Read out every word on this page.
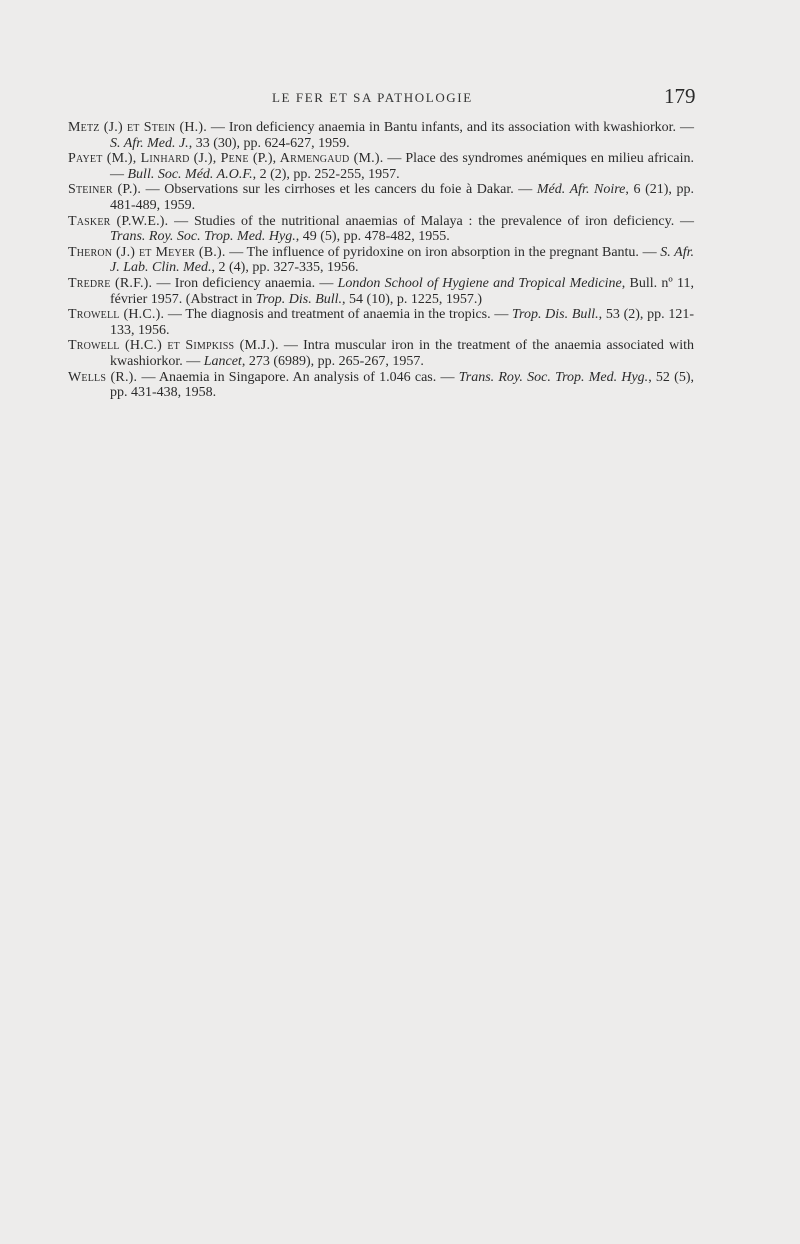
LE FER ET SA PATHOLOGIE	179

Metz (J.) et Stein (H.). — Iron deficiency anaemia in Bantu infants, and its association with kwashiorkor. — S. Afr. Med. J., 33 (30), pp. 624-627, 1959.

Payet (M.), Linhard (J.), Pene (P.), Armengaud (M.). — Place des syndromes anémiques en milieu africain. — Bull. Soc. Méd. A.O.F., 2 (2), pp. 252-255, 1957.

Steiner (P.). — Observations sur les cirrhoses et les cancers du foie à Dakar. — Méd. Afr. Noire, 6 (21), pp. 481-489, 1959.

Tasker (P.W.E.). — Studies of the nutritional anaemias of Malaya : the prevalence of iron deficiency. — Trans. Roy. Soc. Trop. Med. Hyg., 49 (5), pp. 478-482, 1955.

Theron (J.) et Meyer (B.). — The influence of pyridoxine on iron absorption in the pregnant Bantu. — S. Afr. J. Lab. Clin. Med., 2 (4), pp. 327-335, 1956.

Tredre (R.F.). — Iron deficiency anaemia. — London School of Hygiene and Tropical Medicine, Bull. nº 11, février 1957. (Abstract in Trop. Dis. Bull., 54 (10), p. 1225, 1957.)

Trowell (H.C.). — The diagnosis and treatment of anaemia in the tropics. — Trop. Dis. Bull., 53 (2), pp. 121-133, 1956.

Trowell (H.C.) et Simpkiss (M.J.). — Intra muscular iron in the treatment of the anaemia associated with kwashiorkor. — Lancet, 273 (6989), pp. 265-267, 1957.

Wells (R.). — Anaemia in Singapore. An analysis of 1.046 cas. — Trans. Roy. Soc. Trop. Med. Hyg., 52 (5), pp. 431-438, 1958.
